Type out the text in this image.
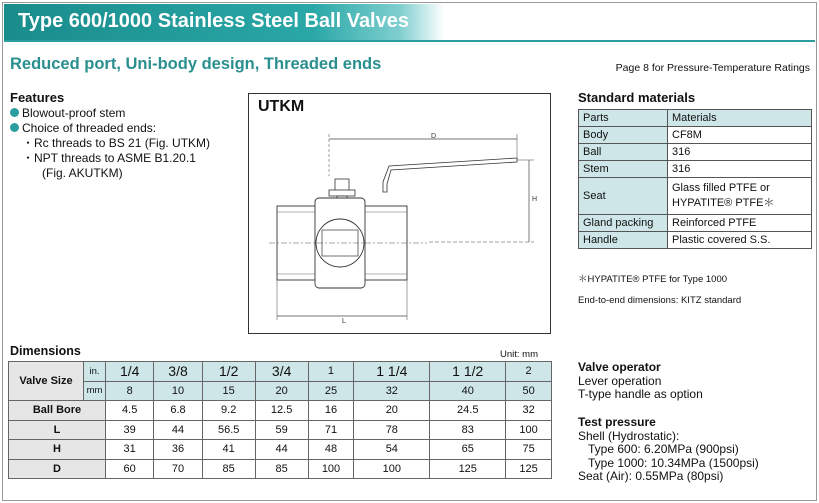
Type 600/1000 Stainless Steel Ball Valves
Reduced port, Uni-body design, Threaded ends	Page 8 for Pressure-Temperature Ratings
Features
Blowout-proof stem
Choice of threaded ends:
・Rc threads to BS 21 (Fig. UTKM)
・NPT threads to ASME B1.20.1
(Fig. AKUTKM)
UTKM
D
H
L
Standard materials
Parts	Materials
Body	CF8M
Ball	316
Stem	316
Seat	Glass filled PTFE or
HYPATITE® PTFE＊

Gland packing	Reinforced PTFE
Handle	Plastic covered S.S.
＊HYPATITE® PTFE for Type 1000
End-to-end dimensions: KITZ standard
Dimensions	Unit: mm
Valve Size	in.	1/4	3/8	1/2	3/4	1	1 1/4	1 1/2	2
	mm	8	10	15	20	25	32	40	50
Ball Bore		4.5	6.8	9.2	12.5	16	20	24.5	32
L		39	44	56.5	59	71	78	83	100
H		31	36	41	44	48	54	65	75
D		60	70	85	85	100	100	125	125
Valve operator
Lever operation
T-type handle as option
Test pressure
Shell (Hydrostatic):
Type 600: 6.20MPa (900psi)
Type 1000: 10.34MPa (1500psi)
Seat (Air): 0.55MPa (80psi)
